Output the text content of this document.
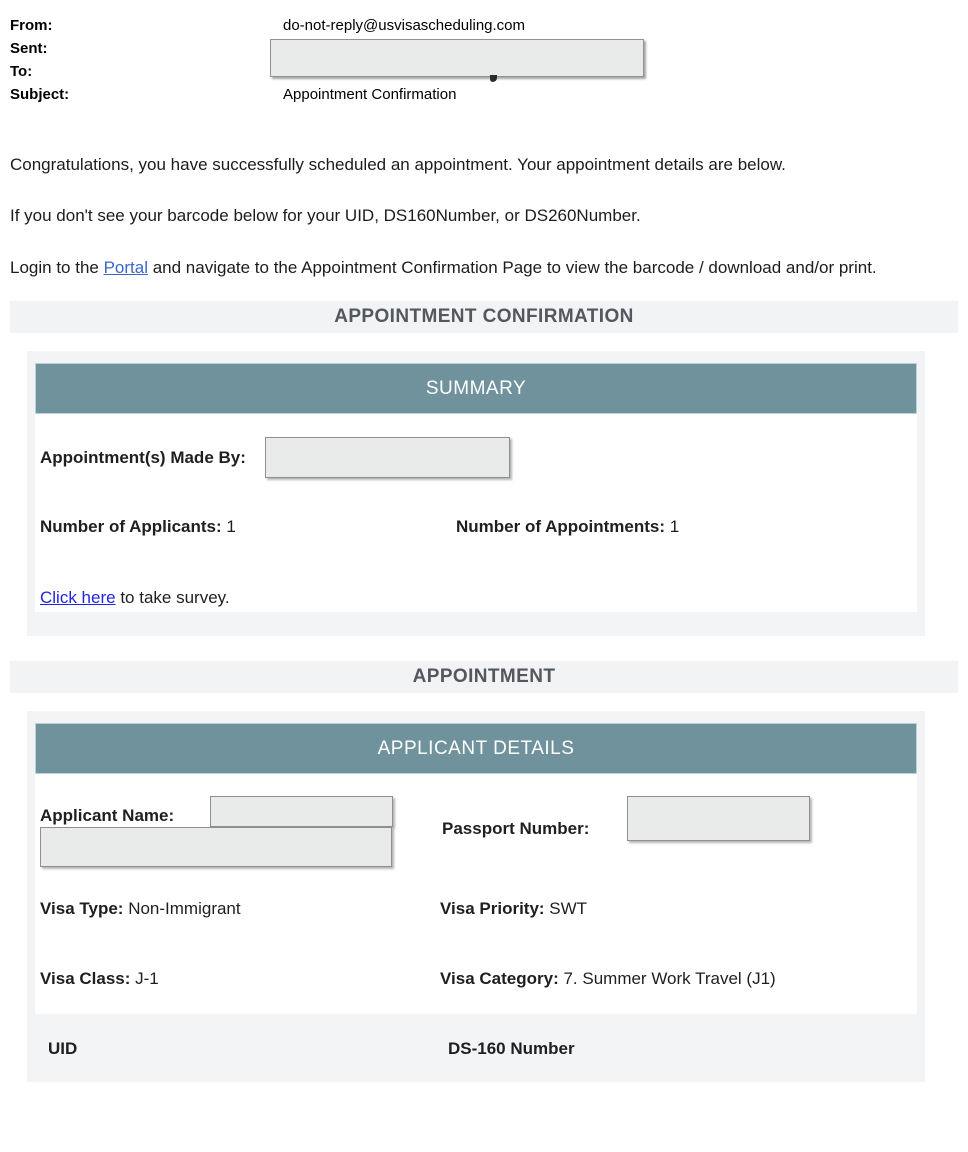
From:	do-not-reply@usvisascheduling.com
Sent:
To:
Subject:	Appointment Confirmation

Congratulations, you have successfully scheduled an appointment. Your appointment details are below.

If you don't see your barcode below for your UID, DS160Number, or DS260Number.

Login to the Portal and navigate to the Appointment Confirmation Page to view the barcode / download and/or print.

APPOINTMENT CONFIRMATION
SUMMARY
Appointment(s) Made By:
Number of Applicants: 1	Number of Appointments: 1
Click here to take survey.
APPOINTMENT
APPLICANT DETAILS
Applicant Name:
Passport Number:
Visa Type: Non-Immigrant	Visa Priority: SWT
Visa Class: J-1	Visa Category: 7. Summer Work Travel (J1)
UID	DS-160 Number
